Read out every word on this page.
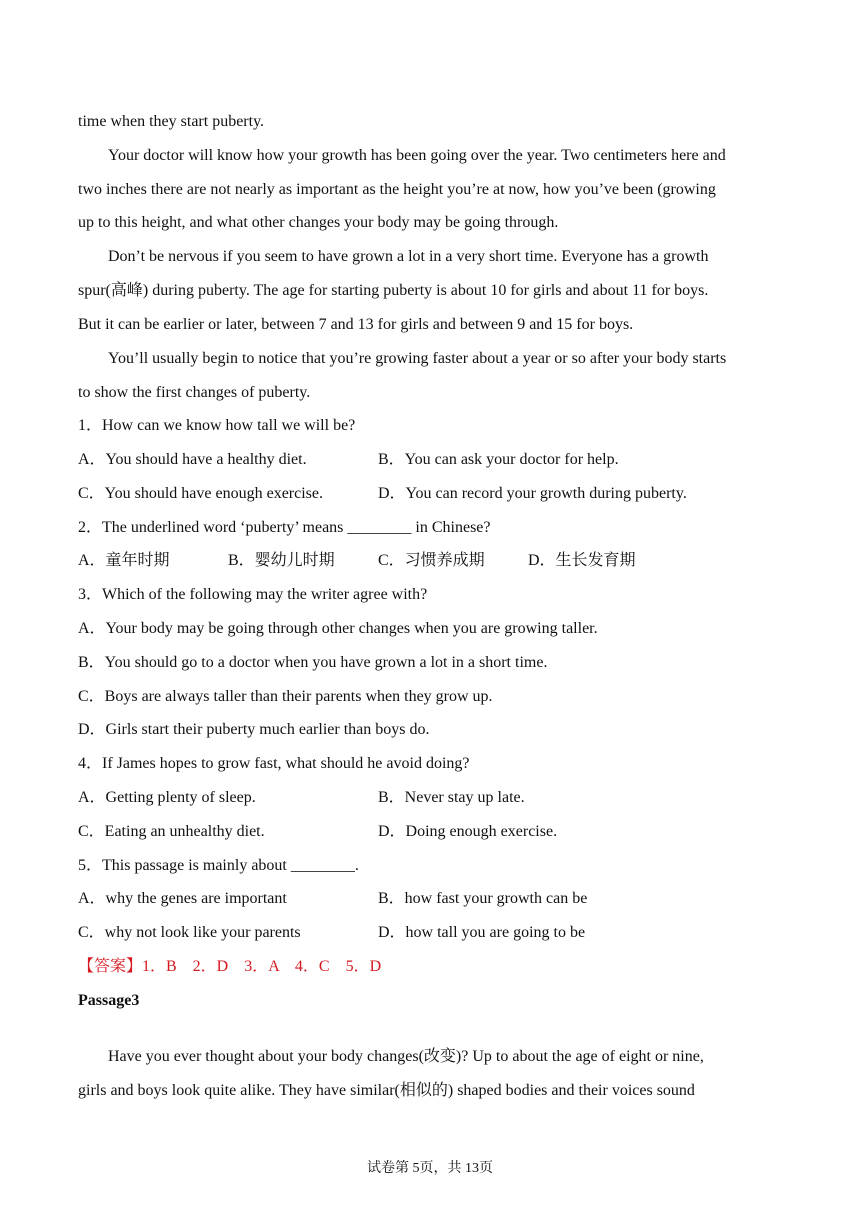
time when they start puberty.
Your doctor will know how your growth has been going over the year. Two centimeters here and
two inches there are not nearly as important as the height you’re at now, how you’ve been (growing
up to this height, and what other changes your body may be going through.
Don’t be nervous if you seem to have grown a lot in a very short time. Everyone has a growth
spur(高峰) during puberty. The age for starting puberty is about 10 for girls and about 11 for boys.
But it can be earlier or later, between 7 and 13 for girls and between 9 and 15 for boys.
You’ll usually begin to notice that you’re growing faster about a year or so after your body starts
to show the first changes of puberty.
1．How can we know how tall we will be?
A．You should have a healthy diet.	B．You can ask your doctor for help.
C．You should have enough exercise.	D．You can record your growth during puberty.
2．The underlined word ‘puberty’ means ________ in Chinese?
A．童年时期	B．婴幼儿时期	C．习惯养成期	D．生长发育期
3．Which of the following may the writer agree with?
A．Your body may be going through other changes when you are growing taller.
B．You should go to a doctor when you have grown a lot in a short time.
C．Boys are always taller than their parents when they grow up.
D．Girls start their puberty much earlier than boys do.
4．If James hopes to grow fast, what should he avoid doing?
A．Getting plenty of sleep.	B．Never stay up late.
C．Eating an unhealthy diet.	D．Doing enough exercise.
5．This passage is mainly about ________.
A．why the genes are important	B．how fast your growth can be
C．why not look like your parents	D．how tall you are going to be
【答案】1．B　2．D　3．A　4．C　5．D
Passage3
Have you ever thought about your body changes(改变)? Up to about the age of eight or nine,
girls and boys look quite alike. They have similar(相似的) shaped bodies and their voices sound
试卷第 5页，共 13页
